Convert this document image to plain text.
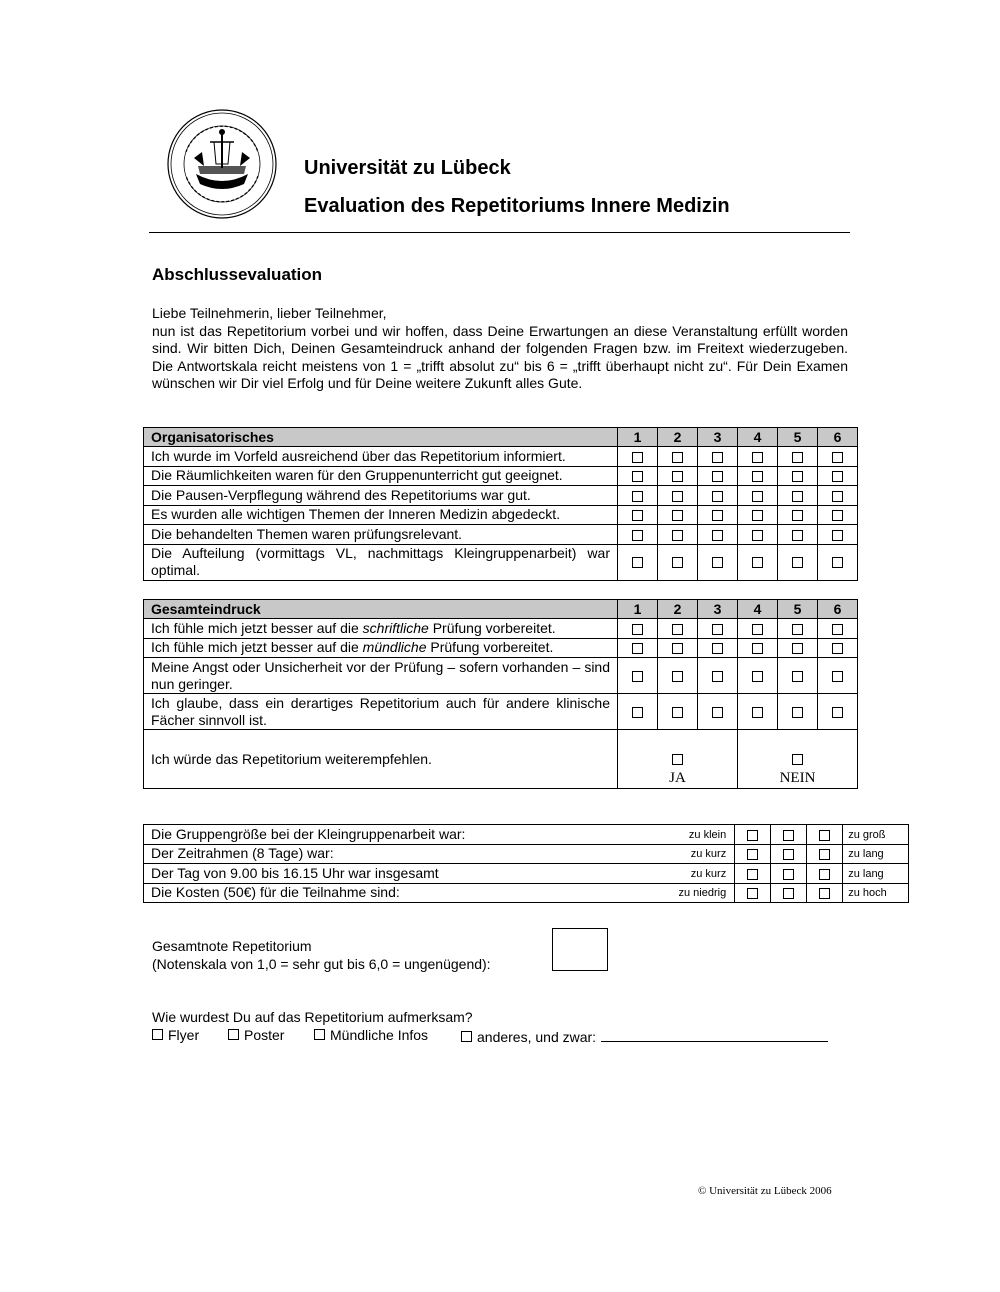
Universität zu Lübeck
Evaluation des Repetitoriums Innere Medizin
Abschlussevaluation
Liebe Teilnehmerin, lieber Teilnehmer,
nun ist das Repetitorium vorbei und wir hoffen, dass Deine Erwartungen an diese Veranstaltung erfüllt worden sind. Wir bitten Dich, Deinen Gesamteindruck anhand der folgenden Fragen bzw. im Freitext wiederzugeben. Die Antwortskala reicht meistens von 1 = „trifft absolut zu“ bis 6 = „trifft überhaupt nicht zu“. Für Dein Examen wünschen wir Dir viel Erfolg und für Deine weitere Zukunft alles Gute.
Organisatorisches	1	2	3	4	5	6
Ich wurde im Vorfeld ausreichend über das Repetitorium informiert.						
Die Räumlichkeiten waren für den Gruppenunterricht gut geeignet.						
Die Pausen-Verpflegung während des Repetitoriums war gut.						
Es wurden alle wichtigen Themen der Inneren Medizin abgedeckt.						
Die behandelten Themen waren prüfungsrelevant.						
Die Aufteilung (vormittags VL, nachmittags Kleingruppenarbeit) war optimal.						
Gesamteindruck	1	2	3	4	5	6
Ich fühle mich jetzt besser auf die schriftliche Prüfung vorbereitet.						
Ich fühle mich jetzt besser auf die mündliche Prüfung vorbereitet.						
Meine Angst oder Unsicherheit vor der Prüfung – sofern vorhanden – sind nun geringer.						
Ich glaube, dass ein derartiges Repetitorium auch für andere klinische Fächer sinnvoll ist.						
Ich würde das Repetitorium weiterempfehlen.	JA			NEIN		
Die Gruppengröße bei der Kleingruppenarbeit war:	zu klein				zu groß
Der Zeitrahmen (8 Tage) war:	zu kurz				zu lang
Der Tag von 9.00 bis 16.15 Uhr war insgesamt	zu kurz				zu lang
Die Kosten (50€) für die Teilnahme sind:	zu niedrig				zu hoch
Gesamtnote Repetitorium
(Notenskala von 1,0 = sehr gut bis 6,0 = ungenügend):
Wie wurdest Du auf das Repetitorium aufmerksam?
Flyer	Poster	Mündliche Infos	anderes, und zwar:
© Universität zu Lübeck 2006
